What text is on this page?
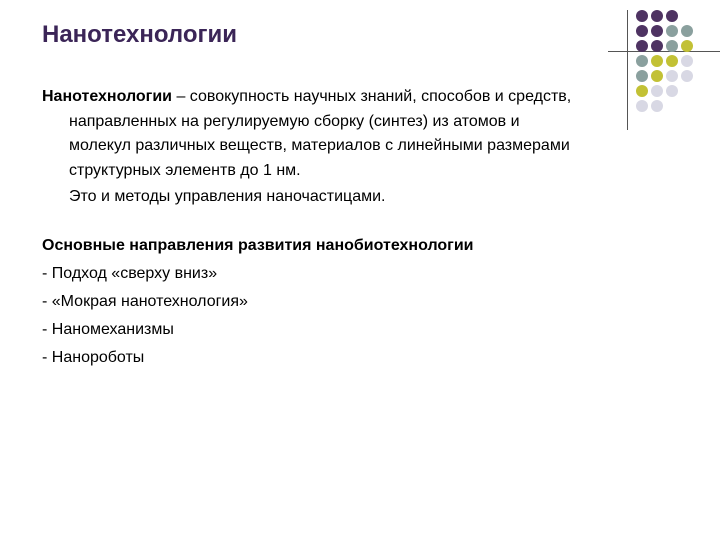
Нанотехнологии

Нанотехнологии – совокупность научных знаний, способов и средств,

направленных на регулируемую сборку (синтез) из атомов и

молекул различных веществ, материалов с линейными размерами

структурных элементв до 1 нм.

Это и методы управления наночастицами.

Основные направления развития нанобиотехнологии

- Подход «сверху вниз»
- «Мокрая нанотехнология»
- Наномеханизмы
- Нанороботы
